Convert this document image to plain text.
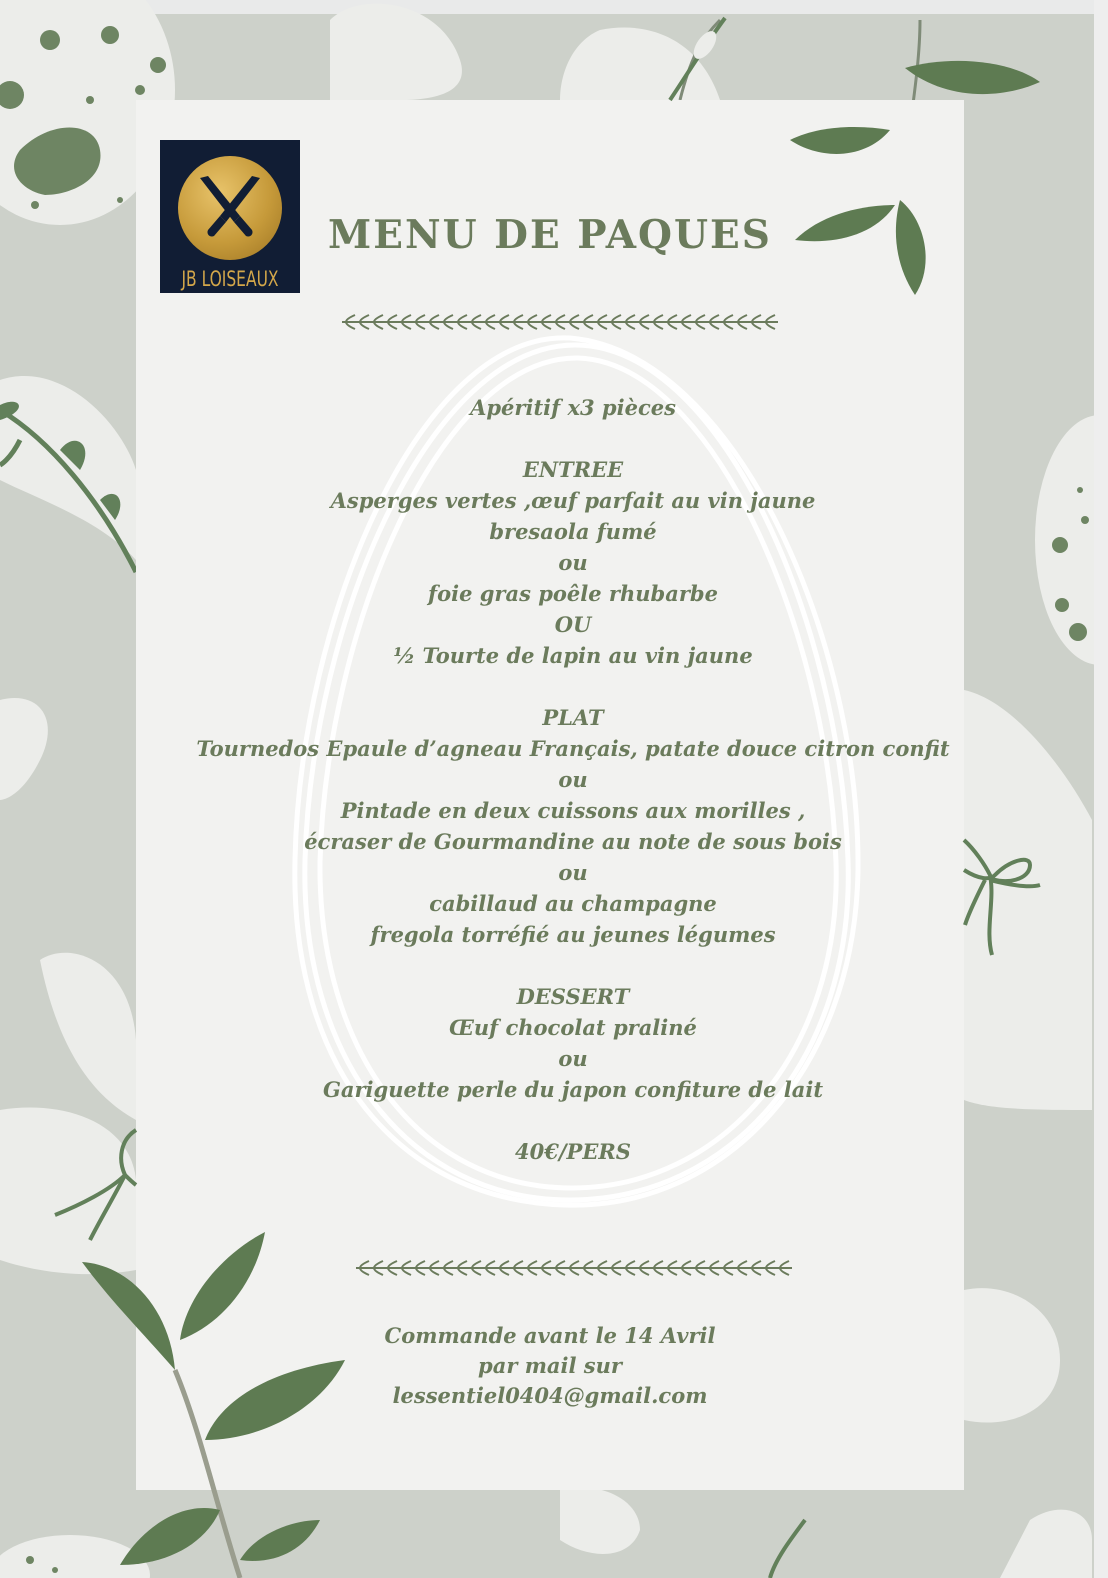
JB LOISEAUX
MENU DE PAQUES
Apéritif x3 pièces
ENTREE
Asperges vertes ,œuf parfait au vin jaune
bresaola fumé
ou
foie gras poêle rhubarbe
OU
½ Tourte de lapin au vin jaune
PLAT
Tournedos Epaule d’agneau Français, patate douce citron confit
ou
Pintade en deux cuissons aux morilles ,
écraser de Gourmandine au note de sous bois
ou
cabillaud au champagne
fregola torréfié au jeunes légumes
DESSERT
Œuf chocolat praliné
ou
Gariguette perle du japon confiture de lait
40€/PERS
Commande avant le 14 Avril
par mail sur
lessentiel0404@gmail.com
